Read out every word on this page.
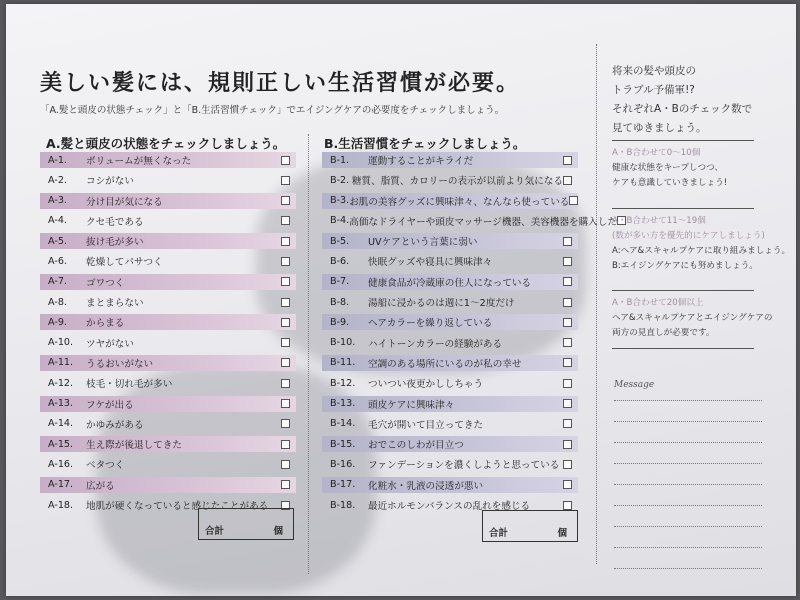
美しい髪には、規則正しい生活習慣が必要。
「A.髪と頭皮の状態チェック」と「B.生活習慣チェック」でエイジングケアの必要度をチェックしましょう。
A.髪と頭皮の状態をチェックしましょう。
A-1.	ボリュームが無くなった
A-2.	コシがない
A-3.	分け目が気になる
A-4.	クセ毛である
A-5.	抜け毛が多い
A-6.	乾燥してパサつく
A-7.	ゴワつく
A-8.	まとまらない
A-9.	からまる
A-10.	ツヤがない
A-11.	うるおいがない
A-12.	枝毛・切れ毛が多い
A-13.	フケが出る
A-14.	かゆみがある
A-15.	生え際が後退してきた
A-16.	ベタつく
A-17.	広がる
A-18.	地肌が硬くなっていると感じたことがある
合計	個
B.生活習慣をチェックしましょう。
B-1.	運動することがキライだ
B-2. 糖質、脂質、カロリーの表示が以前より気になる
B-3. お肌の美容グッズに興味津々、なんなら使っている
B-4. 高価なドライヤーや頭皮マッサージ機器、美容機器を購入した
B-5.	UVケアという言葉に弱い
B-6.	快眠グッズや寝具に興味津々
B-7.	健康食品が冷蔵庫の住人になっている
B-8.	湯船に浸かるのは週に1〜2度だけ
B-9.	ヘアカラーを繰り返している
B-10.	ハイトーンカラーの経験がある
B-11.	空調のある場所にいるのが私の幸せ
B-12.	ついつい夜更かししちゃう
B-13.	頭皮ケアに興味津々
B-14.	毛穴が開いて目立ってきた
B-15.	おでこのしわが目立つ
B-16.	ファンデーションを濃くしようと思っている
B-17.	化粧水・乳液の浸透が悪い
B-18.	最近ホルモンバランスの乱れを感じる
合計	個
将来の髪や頭皮の
トラブル予備軍!?
それぞれA・Bのチェック数で
見てゆきましょう。
A・B合わせて0〜10個
健康な状態をキープしつつ、
ケアも意識していきましょう!
A・B合わせて11〜19個
(数が多い方を優先的にケアしましょう)
A:ヘア&スキャルプケアに取り組みましょう。
B:エイジングケアにも努めましょう。
A・B合わせて20個以上
ヘア&スキャルプケアとエイジングケアの
両方の見直しが必要です。
Message
